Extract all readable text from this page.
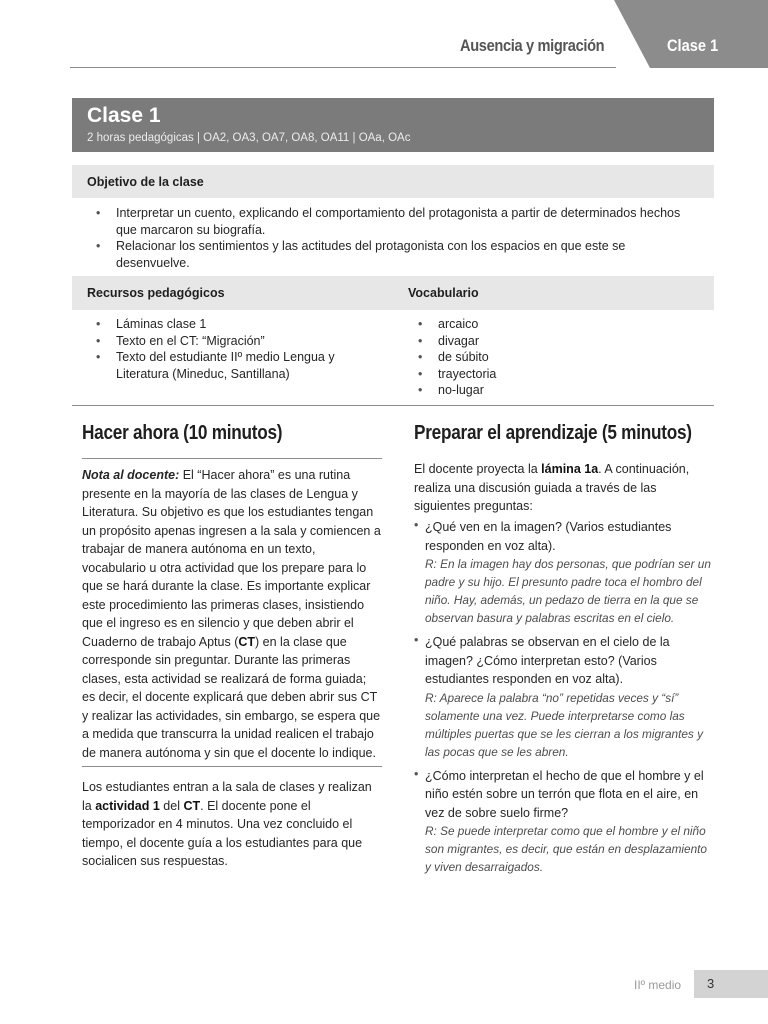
Ausencia y migración	Clase 1
Clase 1
2 horas pedagógicas | OA2, OA3, OA7, OA8, OA11 | OAa, OAc
Objetivo de la clase
• Interpretar un cuento, explicando el comportamiento del protagonista a partir de determinados hechos que marcaron su biografía.
• Relacionar los sentimientos y las actitudes del protagonista con los espacios en que este se desenvuelve.
Recursos pedagógicos	Vocabulario
• Láminas clase 1
• Texto en el CT: “Migración”
• Texto del estudiante IIº medio Lengua y Literatura (Mineduc, Santillana)
• arcaico
• divagar
• de súbito
• trayectoria
• no-lugar
Hacer ahora (10 minutos)

Nota al docente: El “Hacer ahora” es una rutina presente en la mayoría de las clases de Lengua y Literatura. Su objetivo es que los estudiantes tengan un propósito apenas ingresen a la sala y comiencen a trabajar de manera autónoma en un texto, vocabulario u otra actividad que los prepare para lo que se hará durante la clase. Es importante explicar este procedimiento las primeras clases, insistiendo que el ingreso es en silencio y que deben abrir el Cuaderno de trabajo Aptus (CT) en la clase que corresponde sin preguntar. Durante las primeras clases, esta actividad se realizará de forma guiada; es decir, el docente explicará que deben abrir sus CT y realizar las actividades, sin embargo, se espera que a medida que transcurra la unidad realicen el trabajo de manera autónoma y sin que el docente lo indique.

Los estudiantes entran a la sala de clases y realizan la actividad 1 del CT. El docente pone el temporizador en 4 minutos. Una vez concluido el tiempo, el docente guía a los estudiantes para que socialicen sus respuestas.

Preparar el aprendizaje (5 minutos)

El docente proyecta la lámina 1a. A continuación, realiza una discusión guiada a través de las siguientes preguntas:

• ¿Qué ven en la imagen? (Varios estudiantes responden en voz alta).
R: En la imagen hay dos personas, que podrían ser un padre y su hijo. El presunto padre toca el hombro del niño. Hay, además, un pedazo de tierra en la que se observan basura y palabras escritas en el cielo.
• ¿Qué palabras se observan en el cielo de la imagen? ¿Cómo interpretan esto? (Varios estudiantes responden en voz alta).
R: Aparece la palabra “no” repetidas veces y “sí” solamente una vez. Puede interpretarse como las múltiples puertas que se les cierran a los migrantes y las pocas que se les abren.
• ¿Cómo interpretan el hecho de que el hombre y el niño estén sobre un terrón que flota en el aire, en vez de sobre suelo firme?
R: Se puede interpretar como que el hombre y el niño son migrantes, es decir, que están en desplazamiento y viven desarraigados.
IIº medio 3
